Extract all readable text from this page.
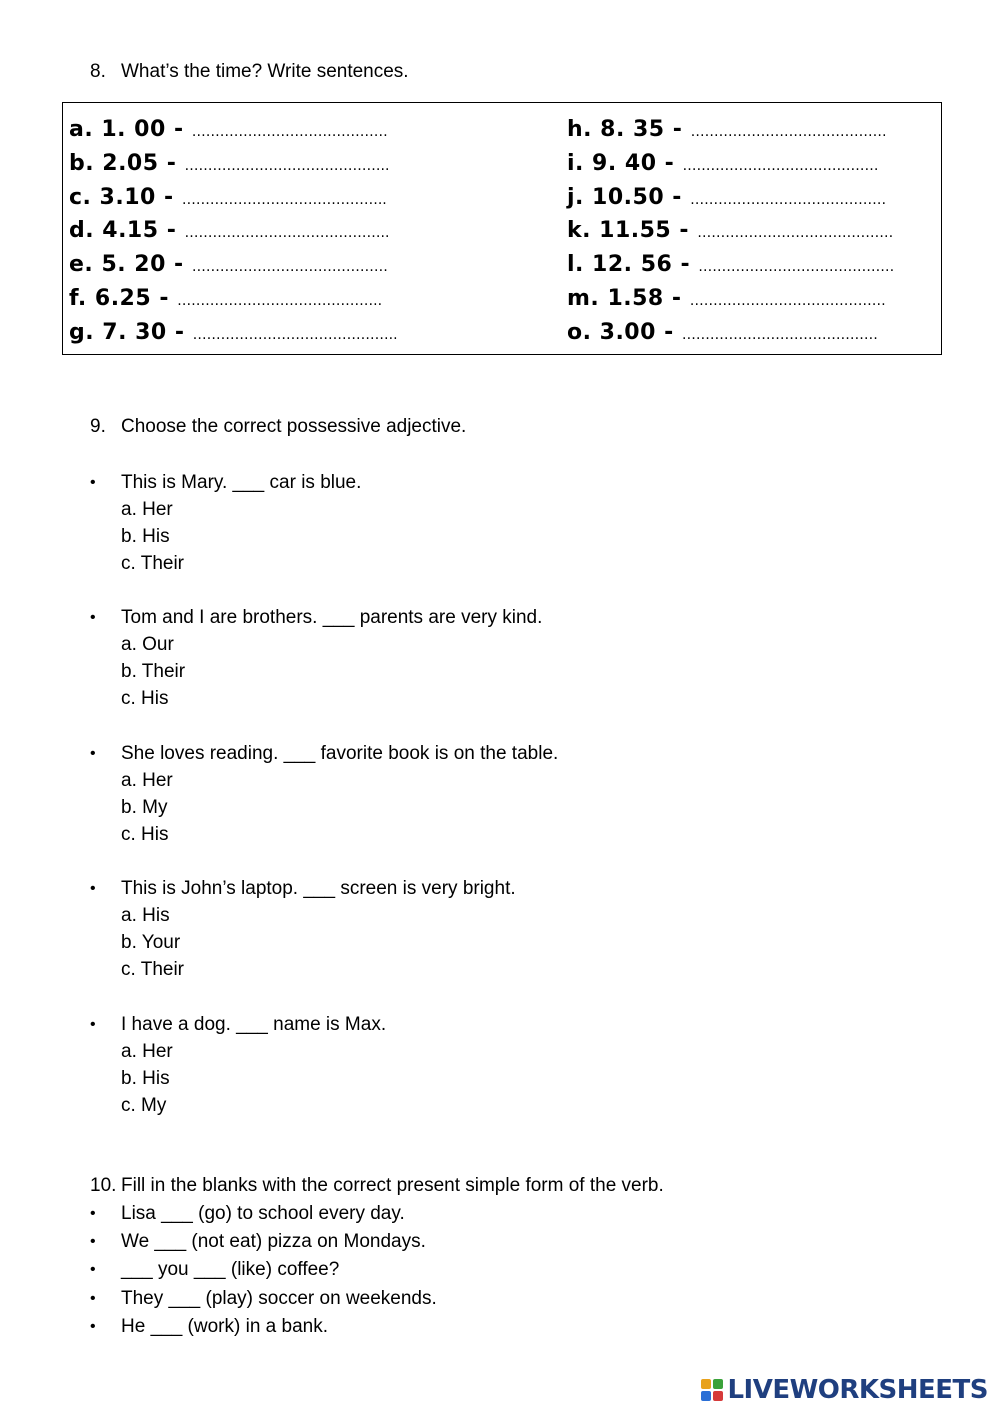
8. What’s the time? Write sentences.
a. 1. 00 - ……………………………………
b. 2.05 - ……………………………………..
c. 3.10 - ……………………………………..
d. 4.15 - ……………………………………..
e. 5. 20 - ……………………………………
f. 6.25 - ……………………………………..
g. 7. 30 - ……………………………………..
h. 8. 35 - ……………………………………
i. 9. 40 - ……………………………………
j. 10.50 - ……………………………………
k. 11.55 - ……………………………………
l. 12. 56 - ……………………………………
m. 1.58 - ……………………………………
o. 3.00 - ……………………………………
9. Choose the correct possessive adjective.
•	This is Mary. ___ car is blue.
a. Her
b. His
c. Their
•	Tom and I are brothers. ___ parents are very kind.
a. Our
b. Their
c. His
•	She loves reading. ___ favorite book is on the table.
a. Her
b. My
c. His
•	This is John’s laptop. ___ screen is very bright.
a. His
b. Your
c. Their
•	I have a dog. ___ name is Max.
a. Her
b. His
c. My
10. Fill in the blanks with the correct present simple form of the verb.
• Lisa ___ (go) to school every day.
• We ___ (not eat) pizza on Mondays.
• ___ you ___ (like) coffee?
• They ___ (play) soccer on weekends.
• He ___ (work) in a bank.
LIVEWORKSHEETS
